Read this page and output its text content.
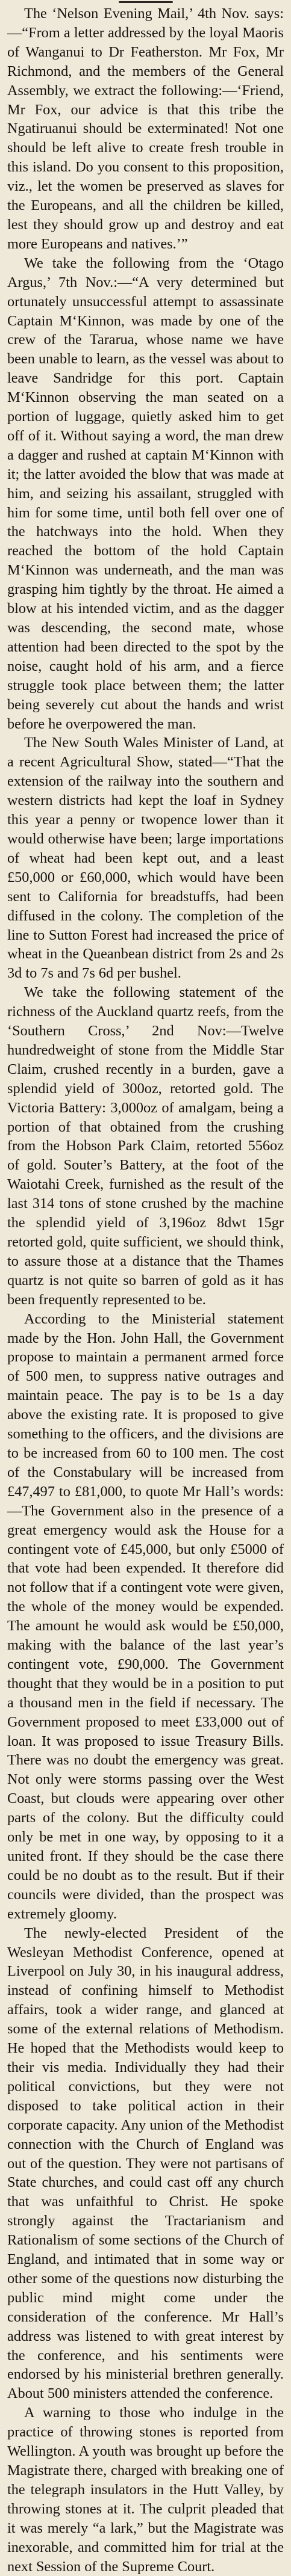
The ‘Nelson Evening Mail,’ 4th Nov. says:—“From a letter addressed by the loyal Maoris of Wanganui to Dr Featherston. Mr Fox, Mr Richmond, and the members of the General Assembly, we extract the following:—‘Friend, Mr Fox, our advice is that this tribe the Ngatiruanui should be exterminated! Not one should be left alive to create fresh trouble in this island. Do you consent to this proposition, viz., let the women be preserved as slaves for the Europeans, and all the children be killed, lest they should grow up and destroy and eat more Europeans and natives.’”

We take the following from the ‘Otago Argus,’ 7th Nov.:—“A very determined but ortunately unsuccessful attempt to assassinate Captain M‘Kinnon, was made by one of the crew of the Tararua, whose name we have been unable to learn, as the vessel was about to leave Sandridge for this port. Captain M‘Kinnon observing the man seated on a portion of luggage, quietly asked him to get off of it. Without saying a word, the man drew a dagger and rushed at captain M‘Kinnon with it; the latter avoided the blow that was made at him, and seizing his assailant, struggled with him for some time, until both fell over one of the hatchways into the hold. When they reached the bottom of the hold Captain M‘Kinnon was underneath, and the man was grasping him tightly by the throat. He aimed a blow at his intended victim, and as the dagger was descending, the second mate, whose attention had been directed to the spot by the noise, caught hold of his arm, and a fierce struggle took place between them; the latter being severely cut about the hands and wrist before he overpowered the man.

The New South Wales Minister of Land, at a recent Agricultural Show, stated—“That the extension of the railway into the southern and western districts had kept the loaf in Sydney this year a penny or twopence lower than it would otherwise have been; large importations of wheat had been kept out, and a least £50,000 or £60,000, which would have been sent to California for breadstuffs, had been diffused in the colony. The completion of the line to Sutton Forest had increased the price of wheat in the Queanbean district from 2s and 2s 3d to 7s and 7s 6d per bushel.

We take the following statement of the richness of the Auckland quartz reefs, from the ‘Southern Cross,’ 2nd Nov:—Twelve hundredweight of stone from the Middle Star Claim, crushed recently in a burden, gave a splendid yield of 300oz, retorted gold. The Victoria Battery: 3,000oz of amalgam, being a portion of that obtained from the crushing from the Hobson Park Claim, retorted 556oz of gold. Souter’s Battery, at the foot of the Waiotahi Creek, furnished as the result of the last 314 tons of stone crushed by the machine the splendid yield of 3,196oz 8dwt 15gr retorted gold, quite sufficient, we should think, to assure those at a distance that the Thames quartz is not quite so barren of gold as it has been frequently represented to be.

According to the Ministerial statement made by the Hon. John Hall, the Government propose to maintain a permanent armed force of 500 men, to suppress native outrages and maintain peace. The pay is to be 1s a day above the existing rate. It is proposed to give something to the officers, and the divisions are to be increased from 60 to 100 men. The cost of the Constabulary will be increased from £47,497 to £81,000, to quote Mr Hall’s words:—The Government also in the presence of a great emergency would ask the House for a contingent vote of £45,000, but only £5000 of that vote had been expended. It therefore did not follow that if a contingent vote were given, the whole of the money would be expended. The amount he would ask would be £50,000, making with the balance of the last year’s contingent vote, £90,000. The Government thought that they would be in a position to put a thousand men in the field if necessary. The Government proposed to meet £33,000 out of loan. It was proposed to issue Treasury Bills. There was no doubt the emergency was great. Not only were storms passing over the West Coast, but clouds were appearing over other parts of the colony. But the difficulty could only be met in one way, by opposing to it a united front. If they should be the case there could be no doubt as to the result. But if their councils were divided, than the prospect was extremely gloomy.

The newly-elected President of the Wesleyan Methodist Conference, opened at Liverpool on July 30, in his inaugural address, instead of confining himself to Methodist affairs, took a wider range, and glanced at some of the external relations of Methodism. He hoped that the Methodists would keep to their vis media. Individually they had their political convictions, but they were not disposed to take political action in their corporate capacity. Any union of the Methodist connection with the Church of England was out of the question. They were not partisans of State churches, and could cast off any church that was unfaithful to Christ. He spoke strongly against the Tractarianism and Rationalism of some sections of the Church of England, and intimated that in some way or other some of the questions now disturbing the public mind might come under the consideration of the conference. Mr Hall’s address was listened to with great interest by the conference, and his sentiments were endorsed by his ministerial brethren generally. About 500 ministers attended the conference.

A warning to those who indulge in the practice of throwing stones is reported from Wellington. A youth was brought up before the Magistrate there, charged with breaking one of the telegraph insulators in the Hutt Valley, by throwing stones at it. The culprit pleaded that it was merely “a lark,” but the Magistrate was inexorable, and committed him for trial at the next Session of the Supreme Court.
